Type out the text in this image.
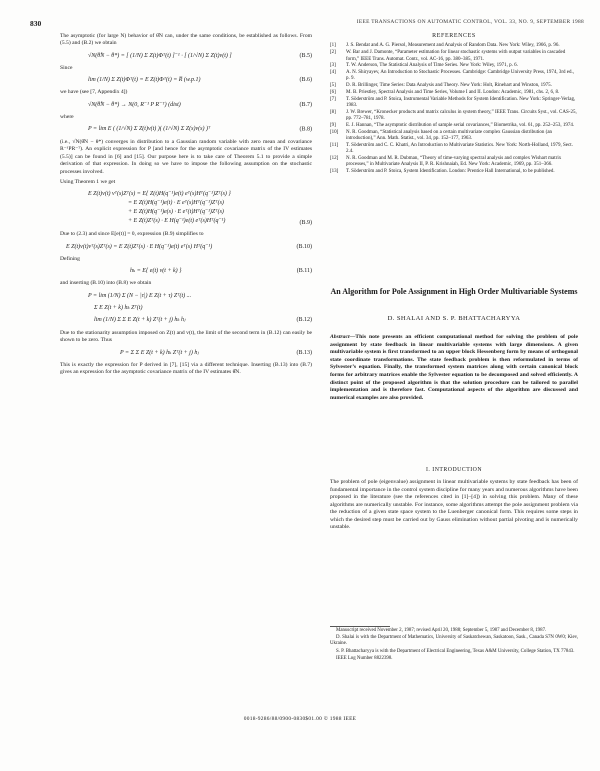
830	IEEE TRANSACTIONS ON AUTOMATIC CONTROL, VOL. 33, NO. 9, SEPTEMBER 1988

The asymptotic (for large N) behavior of θ̂N can, under the same conditions, be established as follows. From (5.5) and (B.2) we obtain

√N(θ̂N − θ*) = [ (1/N) Σ Z(t)Φᵀ(t) ]⁻¹ · [ (1/√N) Σ Z(t)v(t) ]	(B.5)

Since

lim (1/N) Σ Z(t)Φᵀ(t) = E Z(t)Φᵀ(t) = R̅ (w.p.1)	(B.6)

we have (see [7, Appendix 4])

√N(θ̂N − θ*) → N(0, R⁻¹ P R⁻ᵀ) (dist)	(B.7)

where

P = lim E ( (1/√N) Σ Z(t)v(t) )( (1/√N) Σ Z(s)v(s) )ᵀ	(B.8)

(i.e., √N(θ̂N − θ*) converges in distribution to a Gaussian random variable with zero mean and covariance R⁻¹PR⁻ᵀ). An explicit expression for P [and hence for the asymptotic covariance matrix of the IV estimates (5.5)] can be found in [6] and [15]. Our purpose here is to take care of Theorem 5.1 to provide a simple derivation of that expression. In doing so we have to impose the following assumption on the stochastic processes involved.

Using Theorem 1 we get

E Z(t)v(t) vᵀ(s)Zᵀ(s) = E{ Z(t)H(q⁻¹)e(t) eᵀ(s)Hᵀ(q⁻¹)Zᵀ(s) }
= E Z(t)H(q⁻¹)e(t) · E eᵀ(s)Hᵀ(q⁻¹)Zᵀ(s)
+ E Z(t)H(q⁻¹)e(s) · E eᵀ(t)Hᵀ(q⁻¹)Zᵀ(s)
+ E Z(t)Zᵀ(s) · E H(q⁻¹)e(t) eᵀ(s)Hᵀ(q⁻¹)	(B.9)

Due to (2.3) and since E[e(t)] = 0, expression (B.9) simplifies to

E Z(t)v(t)vᵀ(s)Zᵀ(s) = E Z(t)Zᵀ(s) · E H(q⁻¹)e(t) eᵀ(s) Hᵀ(q⁻¹)	(B.10)

Defining

hₖ = E{ e(t) v(t + k) }	(B.11)

and inserting (B.10) into (B.8) we obtain

P = lim (1/N) Σ (N − |τ|) E Z(t + τ) Zᵀ(t) ...
Σ E Z(t + k) hₖ Zᵀ(t)
lim (1/N) Σ Σ E Z(t + k) Zᵀ(t + j) hₖ hⱼ	(B.12)

Due to the stationarity assumption imposed on Z(t) and v(t), the limit of the second term in (B.12) can easily be shown to be zero. Thus

P = Σ Σ E Z(t + k) hₖ Zᵀ(t + j) hⱼ	(B.13)

This is exactly the expression for P derived in [7], [15] via a different technique. Inserting (B.13) into (B.7) gives an expression for the asymptotic covariance matrix of the IV estimates θ̂N.

REFERENCES
[1]	J. S. Bendat and A. G. Piersol, Measurement and Analysis of Random Data. New York: Wiley, 1966, p. 96.
[2]	W. Bar and J. Damonte, “Parameter estimation for linear stochastic systems with output variables in cascaded form,” IEEE Trans. Automat. Contr., vol. AC-16, pp. 380–385, 1971.
[3]	T. W. Anderson, The Statistical Analysis of Time Series. New York: Wiley, 1971, p. 6.
[4]	A. N. Shiryayev, An Introduction to Stochastic Processes. Cambridge: Cambridge University Press, 1974, 3rd ed., p. 9.
[5]	D. R. Brillinger, Time Series: Data Analysis and Theory. New York: Holt, Rinehart and Winston, 1975.
[6]	M. B. Priestley, Spectral Analysis and Time Series, Volume I and II. London: Academic, 1981, chs. 2, 6, 8.
[7]	T. Söderström and P. Stoica, Instrumental Variable Methods for System Identification. New York: Springer-Verlag, 1983.
[8]	J. W. Brewer, “Kronecker products and matrix calculus in system theory,” IEEE Trans. Circuits Syst., vol. CAS-25, pp. 772–781, 1978.
[9]	E. J. Hannan, “The asymptotic distribution of sample serial covariances,” Biometrika, vol. 61, pp. 252–253, 1974.
[10]	N. R. Goodman, “Statistical analysis based on a certain multivariate complex Gaussian distribution (an introduction),” Ann. Math. Statist., vol. 34, pp. 152–177, 1963.
[11]	T. Söderström and C. C. Khatri, An Introduction to Multivariate Statistics. New York: North-Holland, 1979, Sect. 2.4.
[12]	N. R. Goodman and M. R. Dubman, “Theory of time-varying spectral analysis and complex Wishart matrix processes,” in Multivariate Analysis II, P. R. Krishnaiah, Ed. New York: Academic, 1969, pp. 351–366.
[13]	T. Söderström and P. Stoica, System Identification. London: Prentice Hall International, to be published.
An Algorithm for Pole Assignment in High Order Multivariable Systems
D. SHALAI AND S. P. BHATTACHARYYA
Abstract—This note presents an efficient computational method for solving the problem of pole assignment by state feedback in linear multivariable systems with large dimensions. A given multivariable system is first transformed to an upper block Hessenberg form by means of orthogonal state coordinate transformations. The state feedback problem is then reformulated in terms of Sylvester’s equation. Finally, the transformed system matrices along with certain canonical block forms for arbitrary matrices enable the Sylvester equation to be decomposed and solved efficiently. A distinct point of the proposed algorithm is that the solution procedure can be tailored to parallel implementation and is therefore fast. Computational aspects of the algorithm are discussed and numerical examples are also provided.
I. INTRODUCTION
The problem of pole (eigenvalue) assignment in linear multivariable systems by state feedback has been of fundamental importance in the control system discipline for many years and numerous algorithms have been proposed in the literature (see the references cited in [1]–[4]) in solving this problem. Many of these algorithms are numerically unstable. For instance, some algorithms attempt the pole assignment problem via the reduction of a given state space system to the Luenberger canonical form. This requires some steps in which the desired step must be carried out by Gauss elimination without partial pivoting and is numerically unstable.

Manuscript received November 2, 1987; revised April 20, 1988; September 5, 1987 and December 8, 1987.

D. Shalai is with the Department of Mathematics, University of Saskatchewan, Saskatoon, Sask., Canada S7N 0W0; Kiev, Ukraine.

S. P. Bhattacharyya is with the Department of Electrical Engineering, Texas A&M University, College Station, TX 77843.

IEEE Log Number 8822398.

0018-9286/88/0900-0830$01.00 © 1988 IEEE
